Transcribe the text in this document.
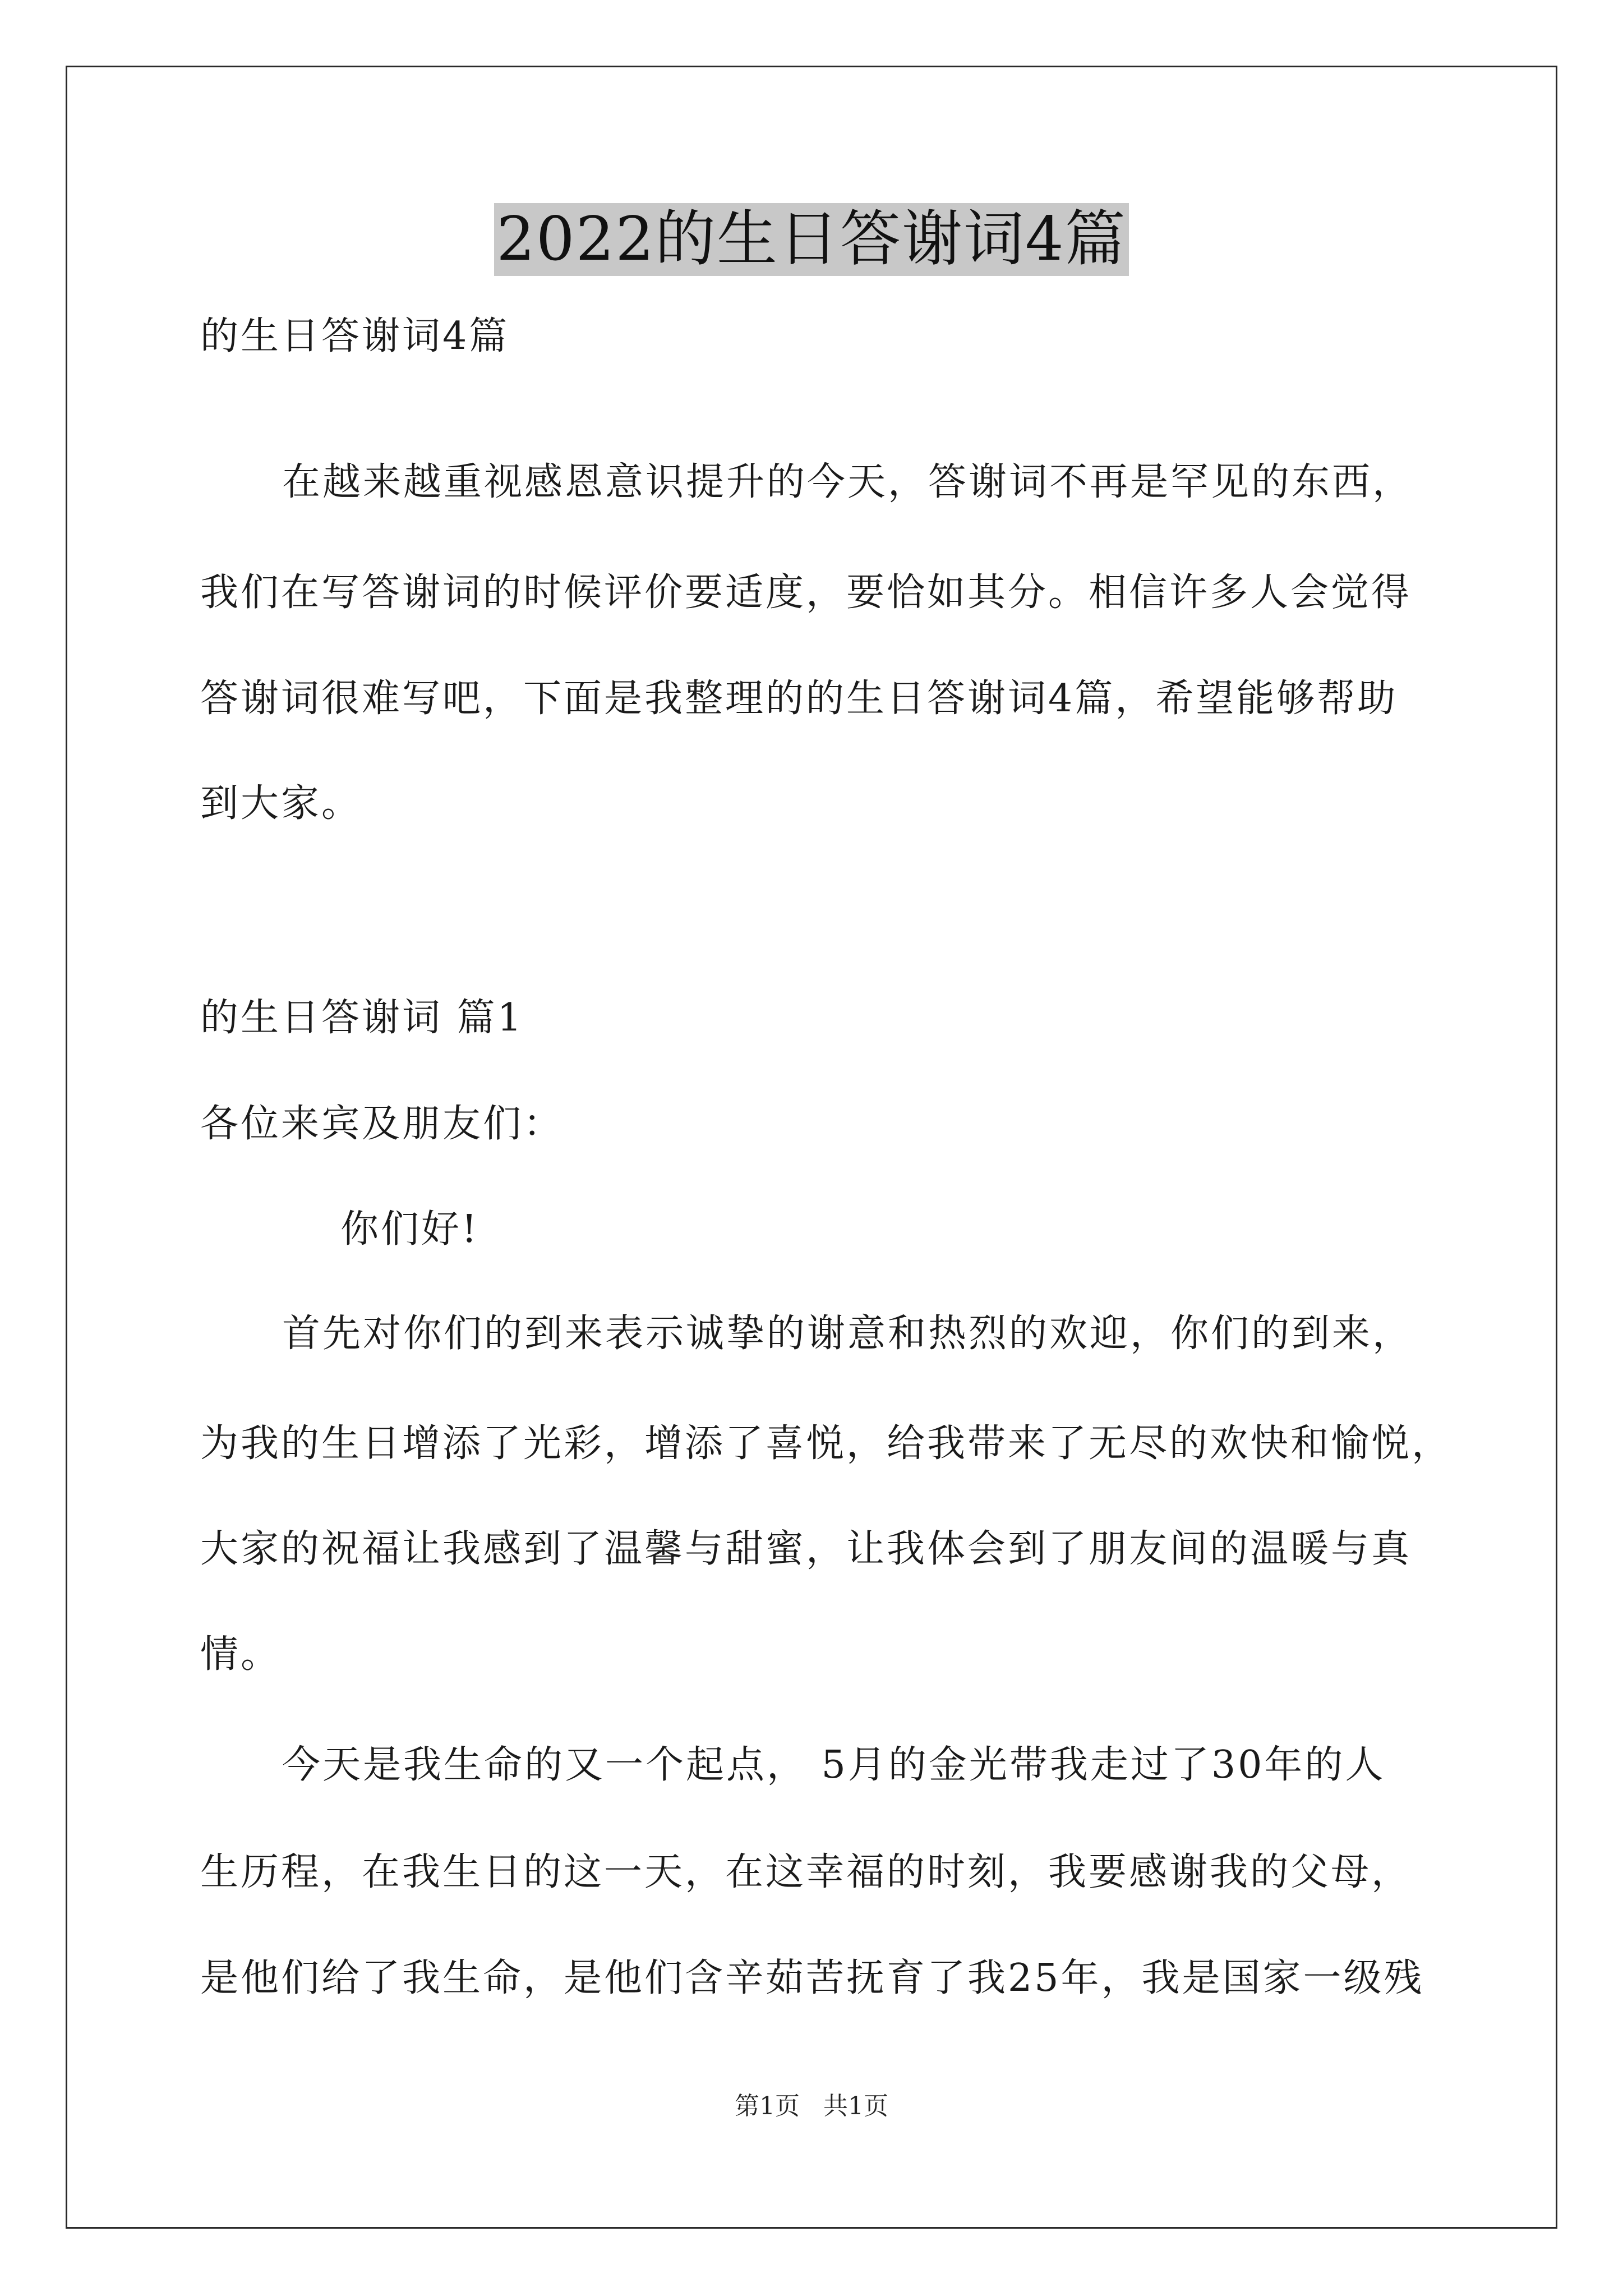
2022的生日答谢词4篇
的生日答谢词4篇
在越来越重视感恩意识提升的今天，答谢词不再是罕见的东西，
我们在写答谢词的时候评价要适度，要恰如其分。相信许多人会觉得
答谢词很难写吧，下面是我整理的的生日答谢词4篇，希望能够帮助
到大家。
的生日答谢词 篇1
各位来宾及朋友们：
你们好!
首先对你们的到来表示诚挚的谢意和热烈的欢迎，你们的到来，
为我的生日增添了光彩，增添了喜悦，给我带来了无尽的欢快和愉悦，
大家的祝福让我感到了温馨与甜蜜，让我体会到了朋友间的温暖与真
情。
今天是我生命的又一个起点， 5月的金光带我走过了30年的人
生历程，在我生日的这一天，在这幸福的时刻，我要感谢我的父母，
是他们给了我生命，是他们含辛茹苦抚育了我25年，我是国家一级残
第1页   共1页
